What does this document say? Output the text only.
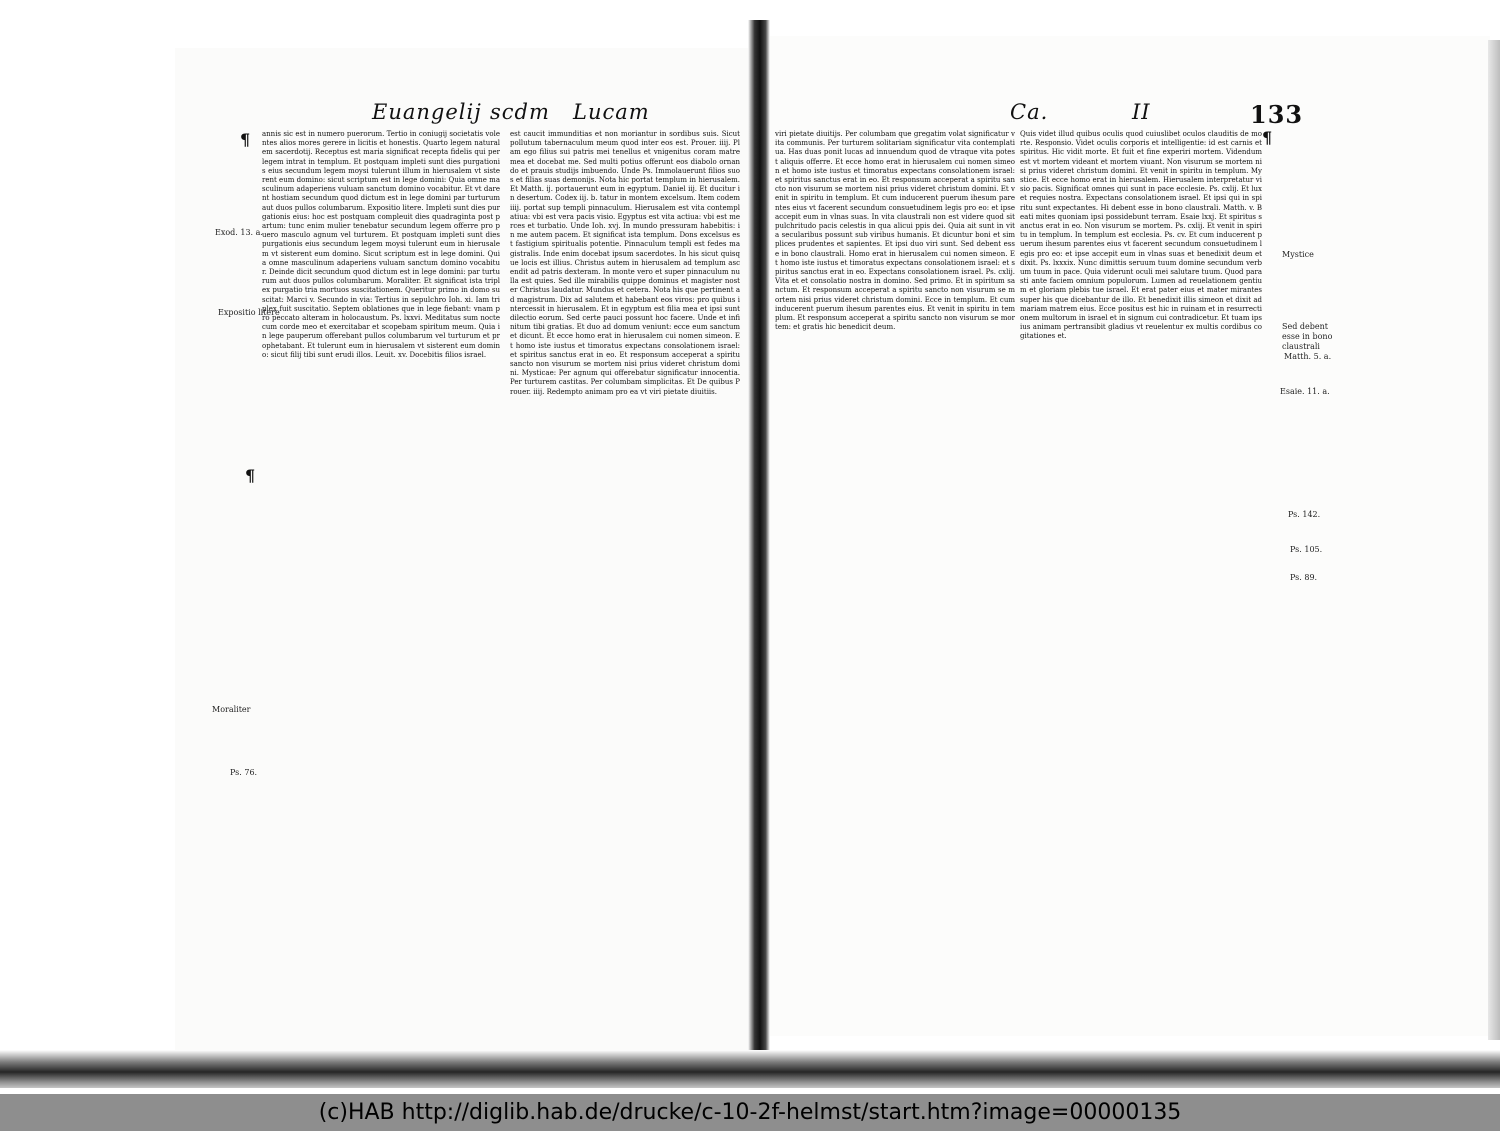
Euangelij scdm Lucam	Ca.	II	133

annis sic est in numero puerorum. Tertio in coniugij societatis volentes alios mores gerere in licitis et honestis. Quarto legem naturalem sacerdotij. Receptus est maria significat recepta fidelis qui per legem intrat in templum. Et postquam impleti sunt dies purgationis eius secundum legem moysi tulerunt illum in hierusalem vt sisterent eum domino: sicut scriptum est in lege domini: Quia omne masculinum adaperiens vuluam sanctum domino vocabitur. Et vt darent hostiam secundum quod dictum est in lege domini par turturum aut duos pullos columbarum. Expositio litere. Impleti sunt dies purgationis eius: hoc est postquam compleuit dies quadraginta post partum: tunc enim mulier tenebatur secundum legem offerre pro puero masculo agnum vel turturem. Et postquam impleti sunt dies purgationis eius secundum legem moysi tulerunt eum in hierusalem vt sisterent eum domino. Sicut scriptum est in lege domini. Quia omne masculinum adaperiens vuluam sanctum domino vocabitur. Deinde dicit secundum quod dictum est in lege domini: par turturum aut duos pullos columbarum. Moraliter. Et significat ista triplex purgatio tria mortuos suscitationem. Queritur primo in domo suscitat: Marci v. Secundo in via: Tertius in sepulchro Ioh. xi. Iam triplex fuit suscitatio. Septem oblationes que in lege fiebant: vnam pro peccato alteram in holocaustum. Ps. lxxvi. Meditatus sum nocte cum corde meo et exercitabar et scopebam spiritum meum. Quia in lege pauperum offerebant pullos columbarum vel turturum et prophetabant. Et tulerunt eum in hierusalem vt sisterent eum domino: sicut filij tibi sunt erudi illos. Leuit. xv. Docebitis filios israel.

est caucit immunditias et non moriantur in sordibus suis. Sicut pollutum tabernaculum meum quod inter eos est. Prouer. iiij. Plam ego filius sui patris mei tenellus et vnigenitus coram matre mea et docebat me. Sed multi potius offerunt eos diabolo ornando et prauis studijs imbuendo. Unde Ps. Immolauerunt filios suos et filias suas demonijs. Nota hic portat templum in hierusalem. Et Matth. ij. portauerunt eum in egyptum. Daniel iij. Et ducitur in desertum. Codex iij. b. tatur in montem excelsum. Item codem iiij. portat sup templi pinnaculum. Hierusalem est vita contemplatiua: vbi est vera pacis visio. Egyptus est vita actiua: vbi est merces et turbatio. Unde Ioh. xvj. In mundo pressuram habebitis: in me autem pacem. Et significat ista templum. Dons excelsus est fastigium spiritualis potentie. Pinnaculum templi est fedes magistralis. Inde enim docebat ipsum sacerdotes. In his sicut quisque locis est illius. Christus autem in hierusalem ad templum ascendit ad patris dexteram. In monte vero et super pinnaculum nulla est quies. Sed ille mirabilis quippe dominus et magister noster Christus laudatur. Mundus et cetera. Nota his que pertinent ad magistrum. Dix ad salutem et habebant eos viros: pro quibus intercessit in hierusalem. Et in egyptum est filia mea et ipsi sunt dilectio eorum. Sed certe pauci possunt hoc facere. Unde et infinitum tibi gratias. Et duo ad domum veniunt: ecce eum sanctum et dicunt. Et ecce homo erat in hierusalem cui nomen simeon. Et homo iste iustus et timoratus expectans consolationem israel: et spiritus sanctus erat in eo. Et responsum acceperat a spiritu sancto non visurum se mortem nisi prius videret christum domini. Mysticae: Per agnum qui offerebatur significatur innocentia. Per turturem castitas. Per columbam simplicitas. Et De quibus Prouer. iiij. Redempto animam pro ea vt viri pietate diuitiis.

viri pietate diuitijs. Per columbam que gregatim volat significatur vita communis. Per turturem solitariam significatur vita contemplatiua. Has duas ponit lucas ad innuendum quod de vtraque vita potest aliquis offerre. Et ecce homo erat in hierusalem cui nomen simeon et homo iste iustus et timoratus expectans consolationem israel: et spiritus sanctus erat in eo. Et responsum acceperat a spiritu sancto non visurum se mortem nisi prius videret christum domini. Et venit in spiritu in templum. Et cum inducerent puerum ihesum parentes eius vt facerent secundum consuetudinem legis pro eo: et ipse accepit eum in vlnas suas. In vita claustrali non est videre quod sit pulchritudo pacis celestis in qua alicui ppis dei. Quia ait sunt in vita secularibus possunt sub viribus humanis. Et dicuntur boni et simplices prudentes et sapientes. Et ipsi duo viri sunt. Sed debent esse in bono claustrali. Homo erat in hierusalem cui nomen simeon. Et homo iste iustus et timoratus expectans consolationem israel: et spiritus sanctus erat in eo. Expectans consolationem israel. Ps. cxlij. Vita et et consolatio nostra in domino. Sed primo. Et in spiritum sanctum. Et responsum acceperat a spiritu sancto non visurum se mortem nisi prius videret christum domini. Ecce in templum. Et cum inducerent puerum ihesum parentes eius. Et venit in spiritu in templum. Et responsum acceperat a spiritu sancto non visurum se mortem: et gratis hic benedicit deum.

Quis videt illud quibus oculis quod cuiuslibet oculos clauditis de morte. Responsio. Videt oculis corporis et intelligentie: id est carnis et spiritus. Hic vidit morte. Et fuit et fine experiri mortem. Videndum est vt mortem videant et mortem viuant. Non visurum se mortem nisi prius videret christum domini. Et venit in spiritu in templum. Mystice. Et ecce homo erat in hierusalem. Hierusalem interpretatur visio pacis. Significat omnes qui sunt in pace ecclesie. Ps. cxlij. Et lux et requies nostra. Expectans consolationem israel. Et ipsi qui in spiritu sunt expectantes. Hi debent esse in bono claustrali. Matth. v. Beati mites quoniam ipsi possidebunt terram. Esaie lxxj. Et spiritus sanctus erat in eo. Non visurum se mortem. Ps. cxlij. Et venit in spiritu in templum. In templum est ecclesia. Ps. cv. Et cum inducerent puerum ihesum parentes eius vt facerent secundum consuetudinem legis pro eo: et ipse accepit eum in vlnas suas et benedixit deum et dixit. Ps. lxxxix. Nunc dimittis seruum tuum domine secundum verbum tuum in pace. Quia viderunt oculi mei salutare tuum. Quod parasti ante faciem omnium populorum. Lumen ad reuelationem gentium et gloriam plebis tue israel. Et erat pater eius et mater mirantes super his que dicebantur de illo. Et benedixit illis simeon et dixit ad mariam matrem eius. Ecce positus est hic in ruinam et in resurrectionem multorum in israel et in signum cui contradicetur. Et tuam ipsius animam pertransibit gladius vt reuelentur ex multis cordibus cogitationes et.

Exod. 13. a.
Expositio litere
Moraliter
Ps. 76.
Mystice
Sed debent esse in bono claustrali
Matth. 5. a.
Esaie. 11. a.
Ps. 142.
Ps. 105.
Ps. 89.
¶	¶
¶
(c)HAB http://diglib.hab.de/drucke/c-10-2f-helmst/start.htm?image=00000135
